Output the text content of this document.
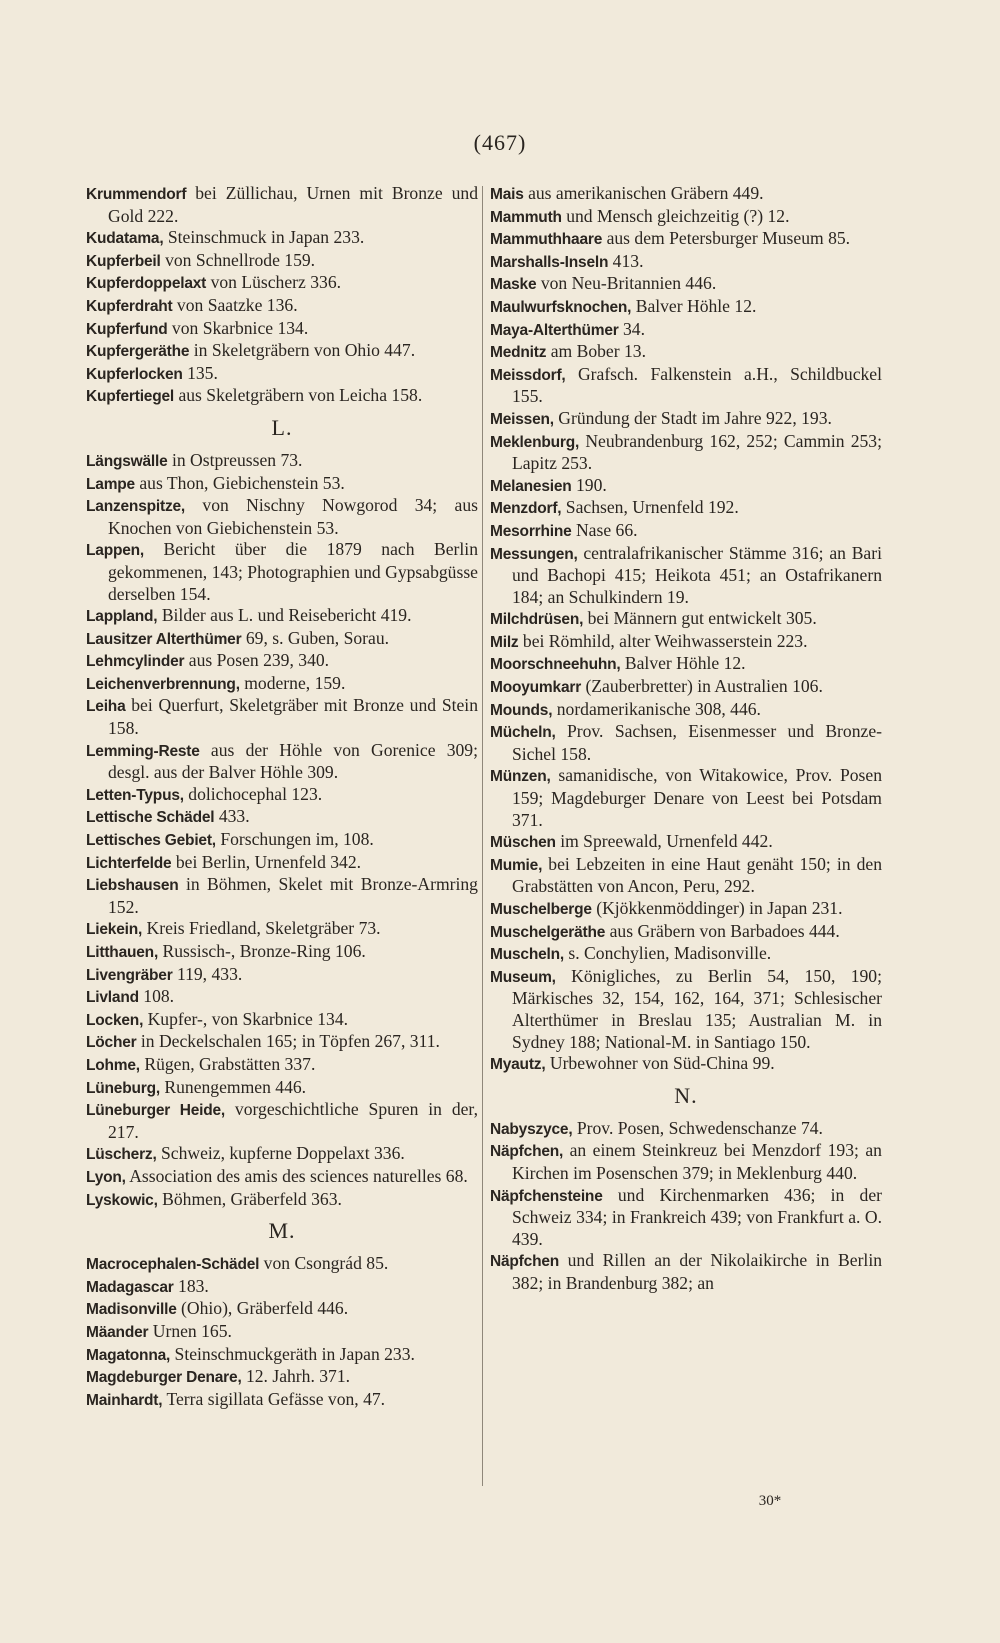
(467)

Krummendorf bei Züllichau, Urnen mit Bronze und Gold 222.

Kudatama, Steinschmuck in Japan 233.

Kupferbeil von Schnellrode 159.

Kupferdoppelaxt von Lüscherz 336.

Kupferdraht von Saatzke 136.

Kupferfund von Skarbnice 134.

Kupfergeräthe in Skeletgräbern von Ohio 447.

Kupferlocken 135.

Kupfertiegel aus Skeletgräbern von Leicha 158.

L.

Längswälle in Ostpreussen 73.

Lampe aus Thon, Giebichenstein 53.

Lanzenspitze, von Nischny Nowgorod 34; aus Knochen von Giebichenstein 53.

Lappen, Bericht über die 1879 nach Berlin gekommenen, 143; Photographien und Gypsabgüsse derselben 154.

Lappland, Bilder aus L. und Reisebericht 419.

Lausitzer Alterthümer 69, s. Guben, Sorau.

Lehmcylinder aus Posen 239, 340.

Leichenverbrennung, moderne, 159.

Leiha bei Querfurt, Skeletgräber mit Bronze und Stein 158.

Lemming-Reste aus der Höhle von Gorenice 309; desgl. aus der Balver Höhle 309.

Letten-Typus, dolichocephal 123.

Lettische Schädel 433.

Lettisches Gebiet, Forschungen im, 108.

Lichterfelde bei Berlin, Urnenfeld 342.

Liebshausen in Böhmen, Skelet mit Bronze-Armring 152.

Liekein, Kreis Friedland, Skeletgräber 73.

Litthauen, Russisch-, Bronze-Ring 106.

Livengräber 119, 433.

Livland 108.

Locken, Kupfer-, von Skarbnice 134.

Löcher in Deckelschalen 165; in Töpfen 267, 311.

Lohme, Rügen, Grabstätten 337.

Lüneburg, Runengemmen 446.

Lüneburger Heide, vorgeschichtliche Spuren in der, 217.

Lüscherz, Schweiz, kupferne Doppelaxt 336.

Lyon, Association des amis des sciences naturelles 68.

Lyskowic, Böhmen, Gräberfeld 363.

M.

Macrocephalen-Schädel von Csongrád 85.

Madagascar 183.

Madisonville (Ohio), Gräberfeld 446.

Mäander Urnen 165.

Magatonna, Steinschmuckgeräth in Japan 233.

Magdeburger Denare, 12. Jahrh. 371.

Mainhardt, Terra sigillata Gefässe von, 47.

Mais aus amerikanischen Gräbern 449.

Mammuth und Mensch gleichzeitig (?) 12.

Mammuthhaare aus dem Petersburger Museum 85.

Marshalls-Inseln 413.

Maske von Neu-Britannien 446.

Maulwurfsknochen, Balver Höhle 12.

Maya-Alterthümer 34.

Mednitz am Bober 13.

Meissdorf, Grafsch. Falkenstein a.H., Schildbuckel 155.

Meissen, Gründung der Stadt im Jahre 922, 193.

Meklenburg, Neubrandenburg 162, 252; Cammin 253; Lapitz 253.

Melanesien 190.

Menzdorf, Sachsen, Urnenfeld 192.

Mesorrhine Nase 66.

Messungen, centralafrikanischer Stämme 316; an Bari und Bachopi 415; Heikota 451; an Ostafrikanern 184; an Schulkindern 19.

Milchdrüsen, bei Männern gut entwickelt 305.

Milz bei Römhild, alter Weihwasserstein 223.

Moorschneehuhn, Balver Höhle 12.

Mooyumkarr (Zauberbretter) in Australien 106.

Mounds, nordamerikanische 308, 446.

Mücheln, Prov. Sachsen, Eisenmesser und Bronze-Sichel 158.

Münzen, samanidische, von Witakowice, Prov. Posen 159; Magdeburger Denare von Leest bei Potsdam 371.

Müschen im Spreewald, Urnenfeld 442.

Mumie, bei Lebzeiten in eine Haut genäht 150; in den Grabstätten von Ancon, Peru, 292.

Muschelberge (Kjökkenmöddinger) in Japan 231.

Muschelgeräthe aus Gräbern von Barbadoes 444.

Muscheln, s. Conchylien, Madisonville.

Museum, Königliches, zu Berlin 54, 150, 190; Märkisches 32, 154, 162, 164, 371; Schlesischer Alterthümer in Breslau 135; Australian M. in Sydney 188; National-M. in Santiago 150.

Myautz, Urbewohner von Süd-China 99.

N.

Nabyszyce, Prov. Posen, Schwedenschanze 74.

Näpfchen, an einem Steinkreuz bei Menzdorf 193; an Kirchen im Posenschen 379; in Meklenburg 440.

Näpfchensteine und Kirchenmarken 436; in der Schweiz 334; in Frankreich 439; von Frankfurt a. O. 439.

Näpfchen und Rillen an der Nikolaikirche in Berlin 382; in Brandenburg 382; an

30*
